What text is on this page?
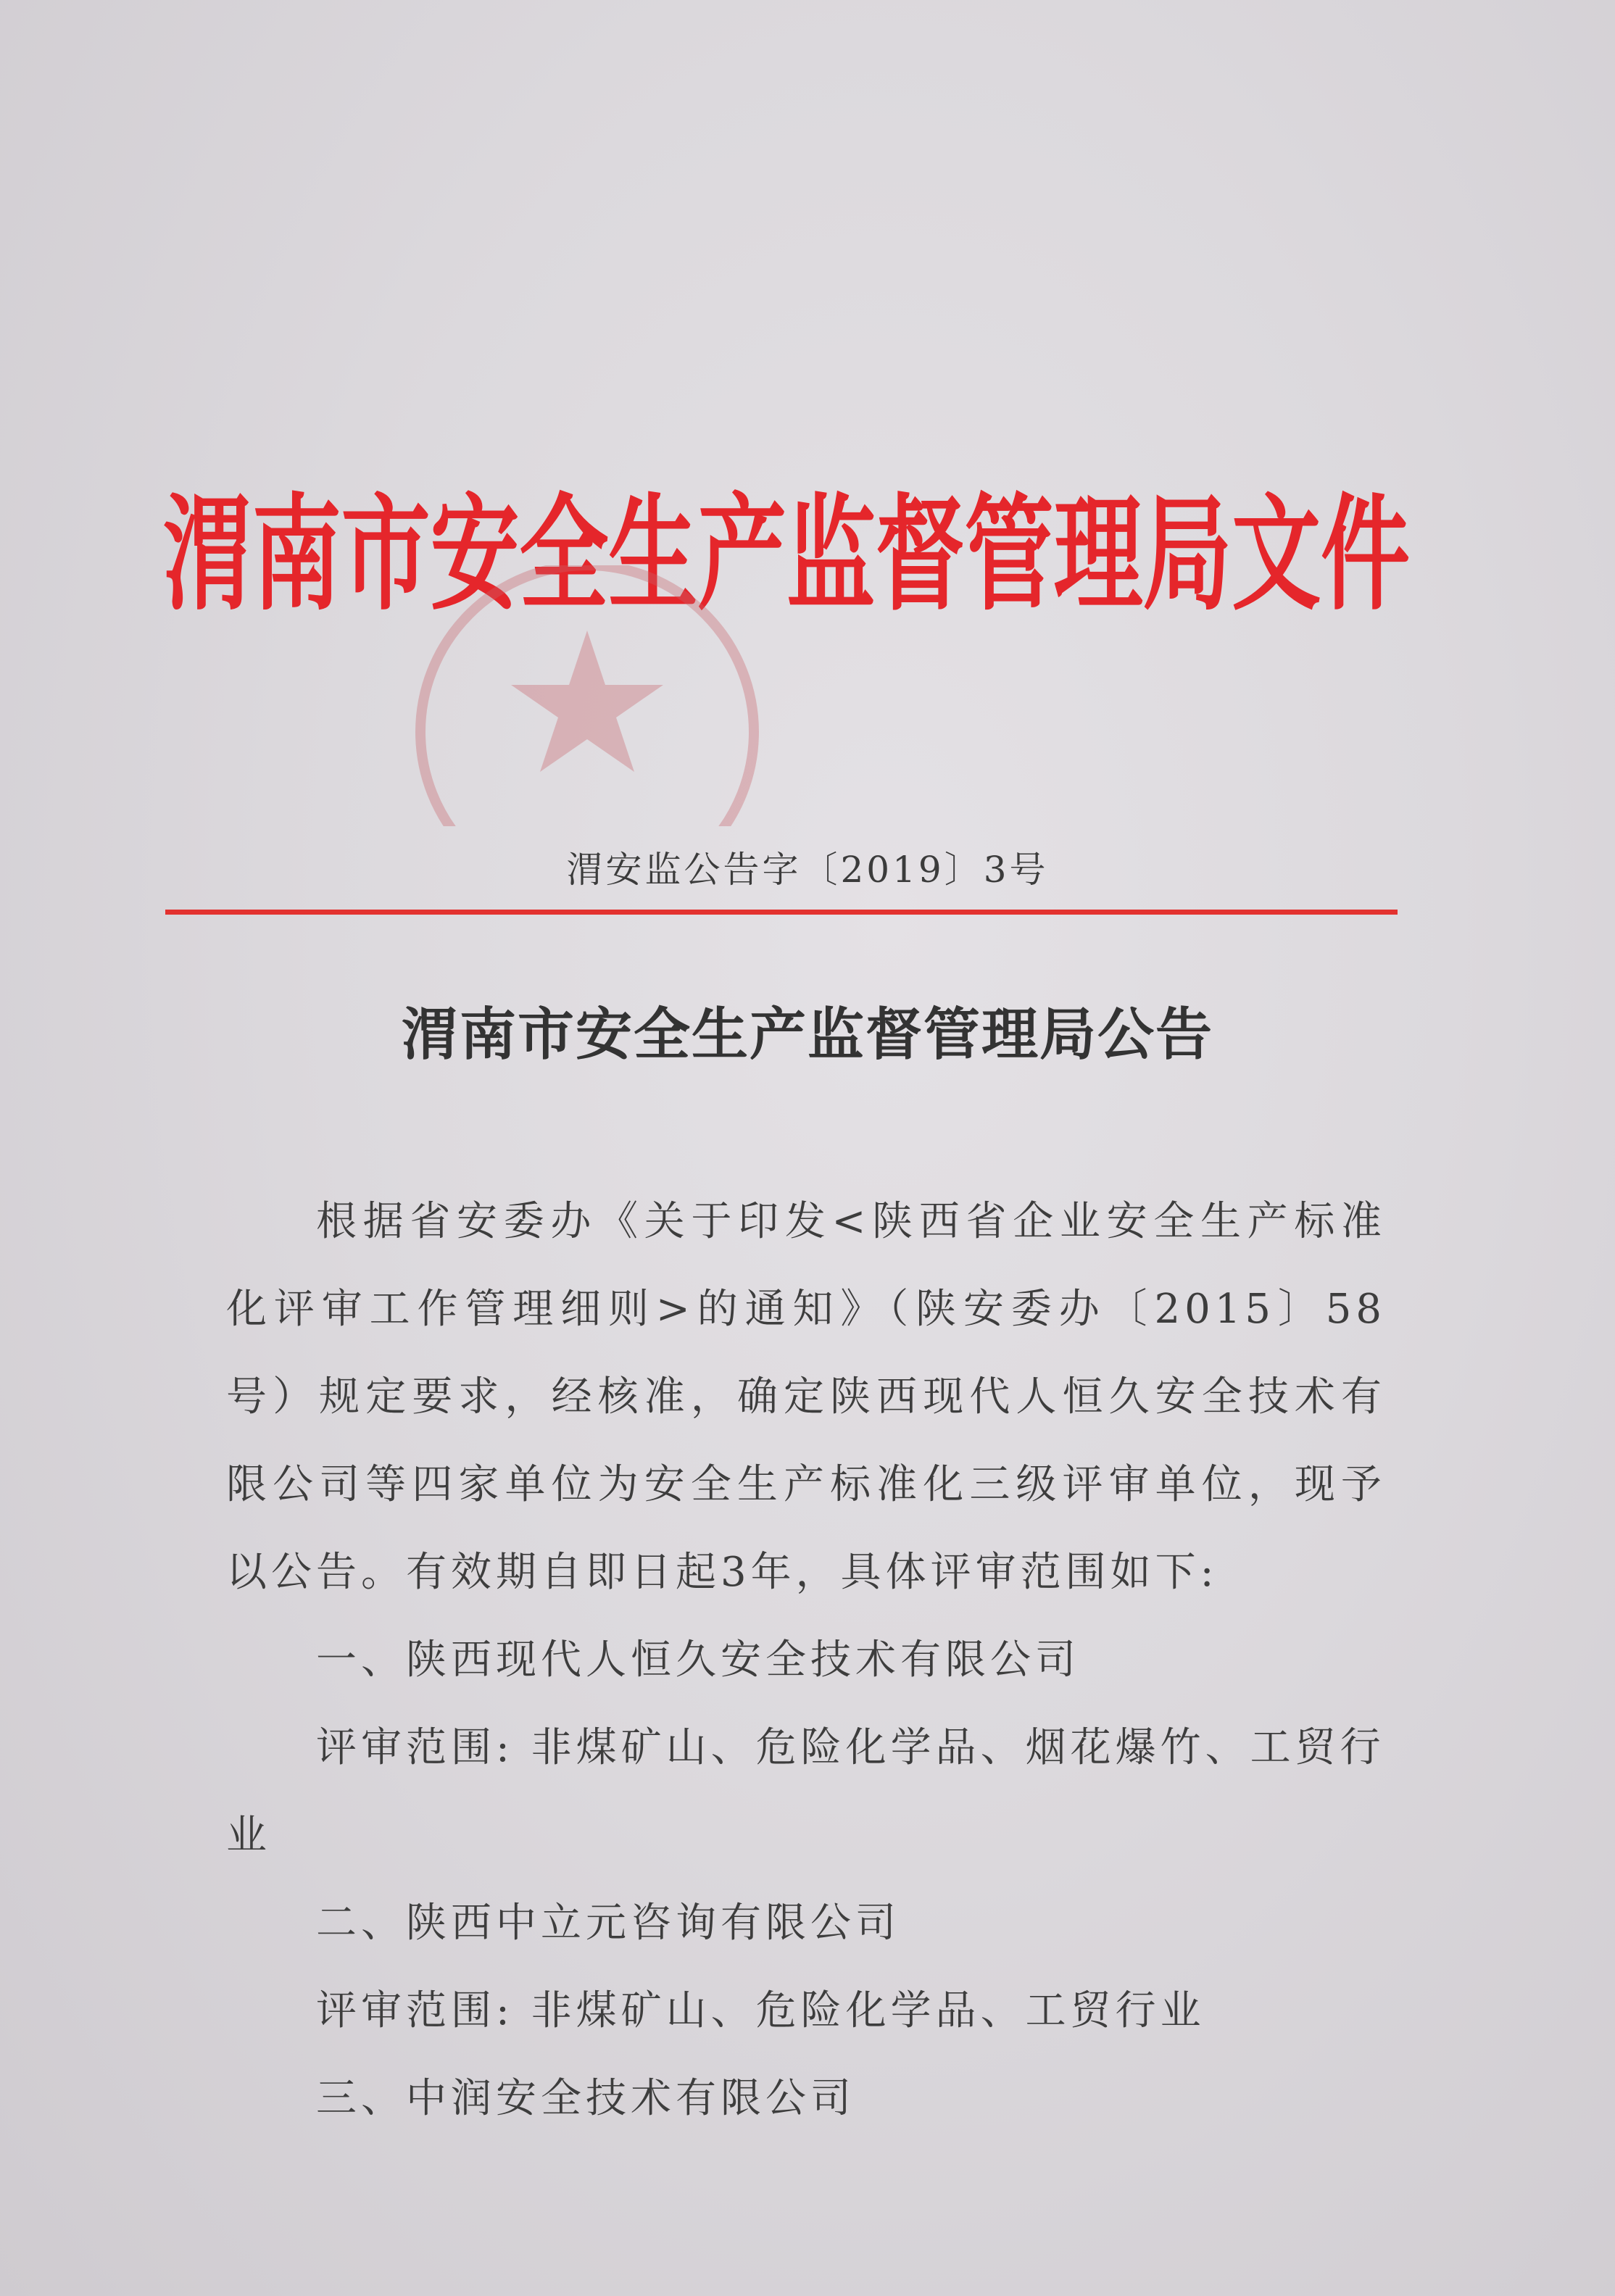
渭南市安全生产监督管理局文件
渭安监公告字〔2019〕3号
渭南市安全生产监督管理局公告

根据省安委办《关于印发<陕西省企业安全生产标准化评审工作管理细则>的通知》（陕安委办〔2015〕58号）规定要求，经核准，确定陕西现代人恒久安全技术有限公司等四家单位为安全生产标准化三级评审单位，现予以公告。有效期自即日起3年，具体评审范围如下:

一、陕西现代人恒久安全技术有限公司

评审范围: 非煤矿山、危险化学品、烟花爆竹、工贸行业

二、陕西中立元咨询有限公司

评审范围: 非煤矿山、危险化学品、工贸行业

三、中润安全技术有限公司
